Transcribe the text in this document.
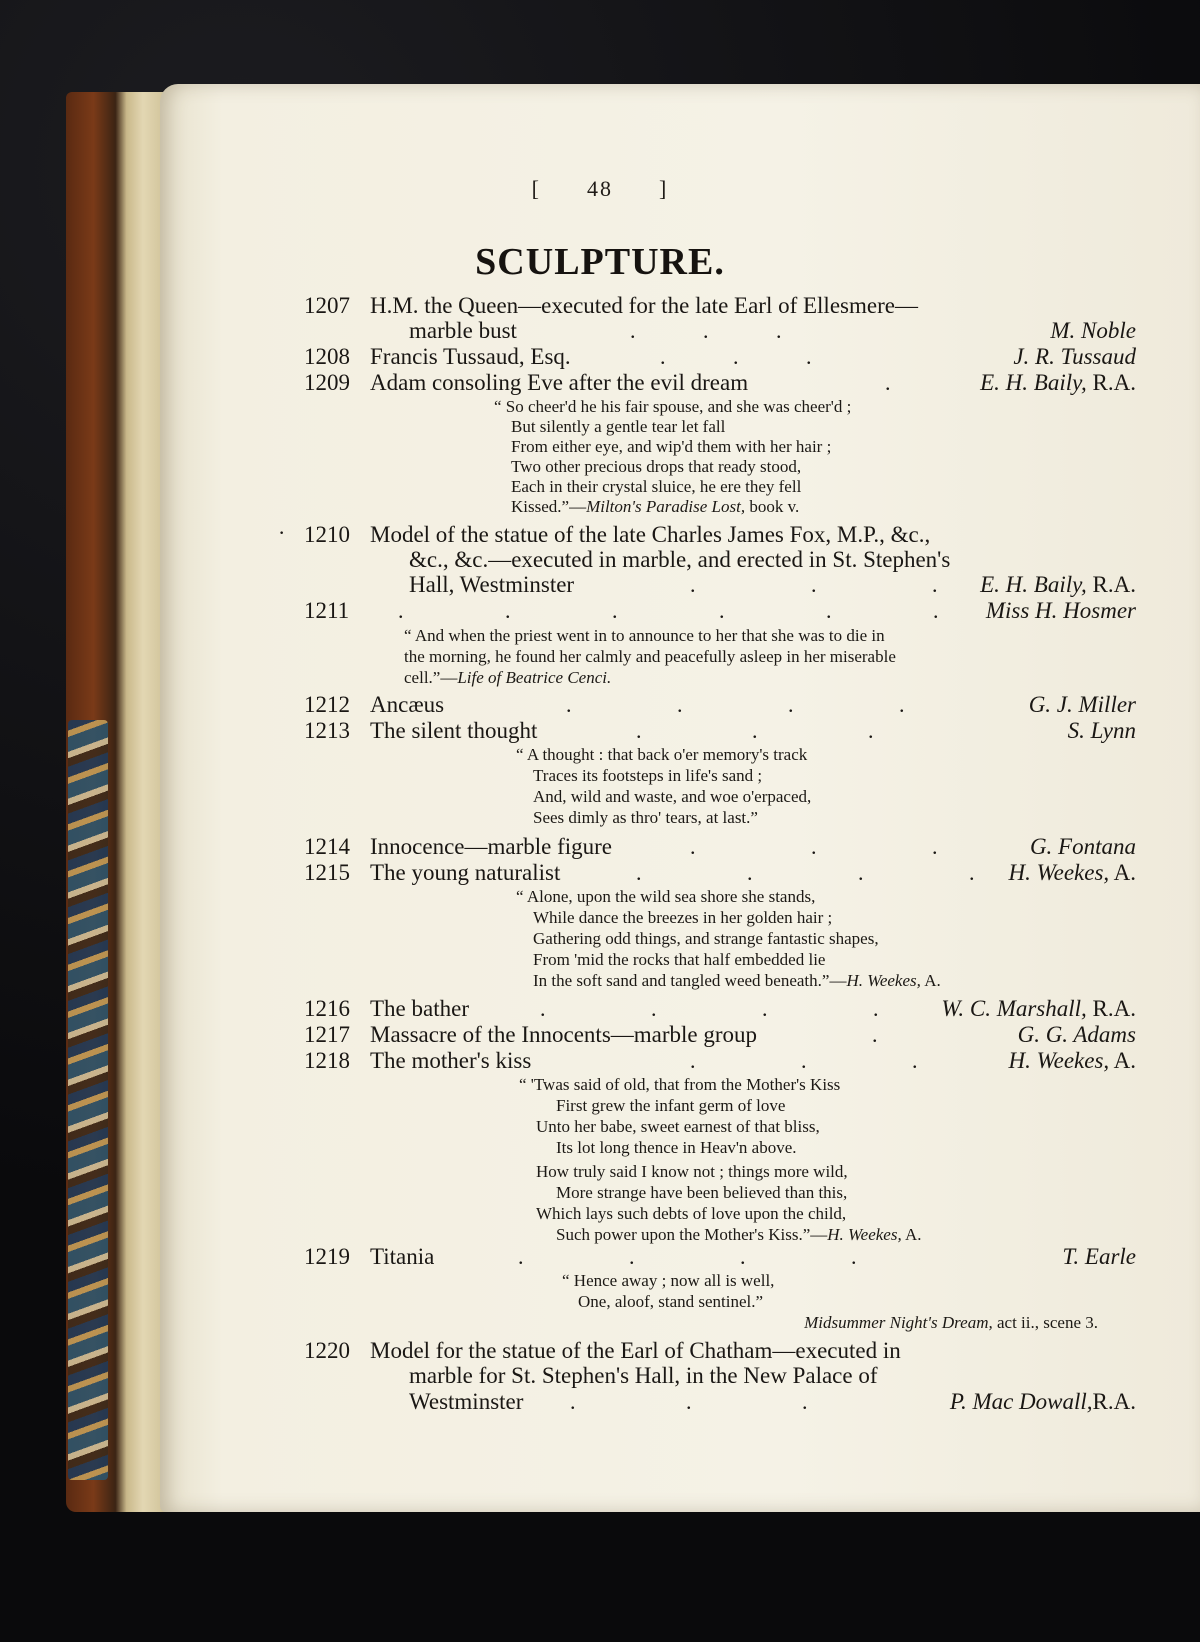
[ 48 ]
SCULPTURE.
1207 H.M. the Queen—executed for the late Earl of Ellesmere—
marble bust	. . .	M. Noble
1208 Francis Tussaud, Esq.	. . .	J. R. Tussaud
1209 Adam consoling Eve after the evil dream	.	E. H. Baily, R.A.
“ So cheer'd he his fair spouse, and she was cheer'd ;
But silently a gentle tear let fall
From either eye, and wip'd them with her hair ;
Two other precious drops that ready stood,
Each in their crystal sluice, he ere they fell
Kissed.”—Milton's Paradise Lost, book v.
· 1210 Model of the statue of the late Charles James Fox, M.P., &c.,
&c., &c.—executed in marble, and erected in St. Stephen's
Hall, Westminster	. . . E. H. Baily, R.A.
1211	. . . . . . Miss H. Hosmer
“ And when the priest went in to announce to her that she was to die in
the morning, he found her calmly and peacefully asleep in her miserable
cell.”—Life of Beatrice Cenci.
1212 Ancæus	. . . .	G. J. Miller
1213 The silent thought	. . .	S. Lynn
“ A thought : that back o'er memory's track
Traces its footsteps in life's sand ;
And, wild and waste, and woe o'erpaced,
Sees dimly as thro' tears, at last.”
1214 Innocence—marble figure	. . .	G. Fontana
1215 The young naturalist	. . . . H. Weekes, A.
“ Alone, upon the wild sea shore she stands,
While dance the breezes in her golden hair ;
Gathering odd things, and strange fantastic shapes,
From 'mid the rocks that half embedded lie
In the soft sand and tangled weed beneath.”—H. Weekes, A.
1216 The bather	. . . .	W. C. Marshall, R.A.
1217 Massacre of the Innocents—marble group	.	G. G. Adams
1218 The mother's kiss	. . .	H. Weekes, A.
“ 'Twas said of old, that from the Mother's Kiss
First grew the infant germ of love
Unto her babe, sweet earnest of that bliss,
Its lot long thence in Heav'n above.
How truly said I know not ; things more wild,
More strange have been believed than this,
Which lays such debts of love upon the child,
Such power upon the Mother's Kiss.”—H. Weekes, A.
1219 Titania	. . . .	T. Earle
“ Hence away ; now all is well,
One, aloof, stand sentinel.”
Midsummer Night's Dream, act ii., scene 3.
1220 Model for the statue of the Earl of Chatham—executed in
marble for St. Stephen's Hall, in the New Palace of
Westminster . . .	P. Mac Dowall,R.A.
